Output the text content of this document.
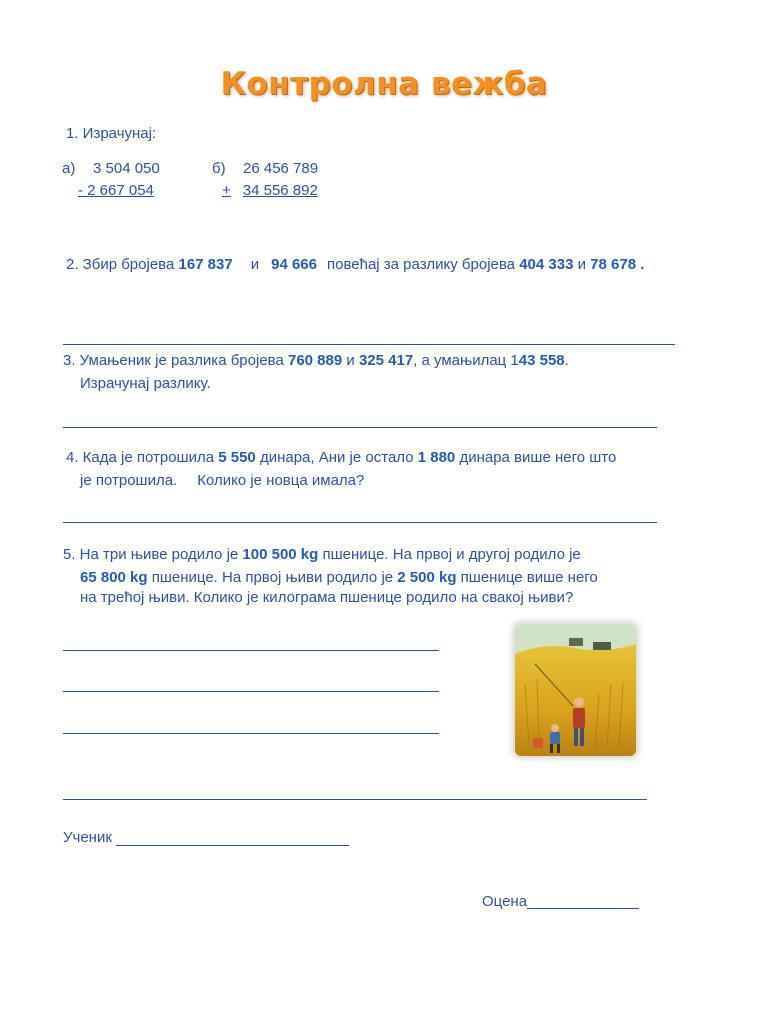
Контролна вежба
1. Израчунај:
а) 3 504 050
- 2 667 054
б) 26 456 789
+ 34 556 892
2. Збир бројева 167 837 и 94 666 повећај за разлику бројева 404 333 и 78 678 .
3. Умањеник је разлика бројева 760 889 и 325 417, а умањилац 143 558.
Израчунај разлику.
4. Када је потрошила 5 550 динара, Ани је остало 1 880 динара више него што
је потрошила. Колико је новца имала?
5. На три њиве родило је 100 500 kg пшенице. На првој и другој родило је
65 800 kg пшенице. На првој њиви родило је 2 500 kg пшенице више него
на трећој њиви. Колико је килограма пшенице родило на свакој њиви?
Ученик
Оцена
